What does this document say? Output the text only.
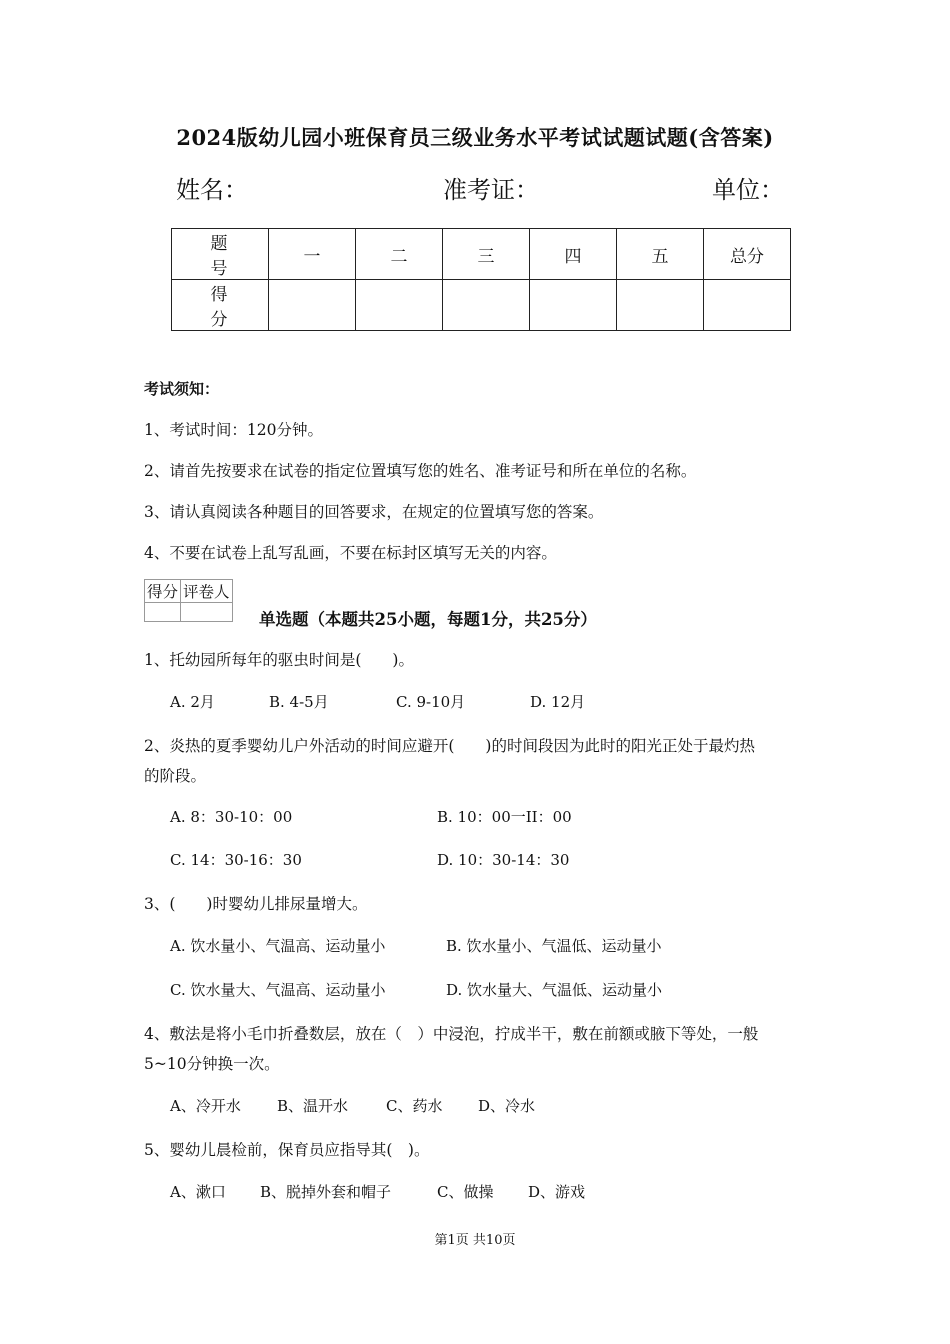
2024版幼儿园小班保育员三级业务水平考试试题试题(含答案)
姓名：	准考证：	单位：
题　号	一	二	三	四	五	总分
得　分						
考试须知：
1、考试时间：120分钟。
2、请首先按要求在试卷的指定位置填写您的姓名、准考证号和所在单位的名称。
3、请认真阅读各种题目的回答要求，在规定的位置填写您的答案。
4、不要在试卷上乱写乱画，不要在标封区填写无关的内容。
得分	评卷人

单选题（本题共25小题，每题1分，共25分）
1、托幼园所每年的驱虫时间是(　　)。
A. 2月	B. 4-5月	C. 9-10月	D. 12月
2、炎热的夏季婴幼儿户外活动的时间应避开(　　)的时间段因为此时的阳光正处于最灼热
的阶段。
A. 8：30-10：00	B. 10：00一II：00
C. 14：30-16：30	D. 10：30-14：30
3、(　　)时婴幼儿排尿量增大。
A. 饮水量小、气温高、运动量小	B. 饮水量小、气温低、运动量小
C. 饮水量大、气温高、运动量小	D. 饮水量大、气温低、运动量小
4、敷法是将小毛巾折叠数层，放在（　）中浸泡，拧成半干，敷在前额或腋下等处，一般
5~10分钟换一次。
A、冷开水 B、温开水	C、药水 D、冷水
5、婴幼儿晨检前，保育员应指导其(　)。
A、漱口 B、脱掉外套和帽子	C、做操 D、游戏
第1页 共10页
